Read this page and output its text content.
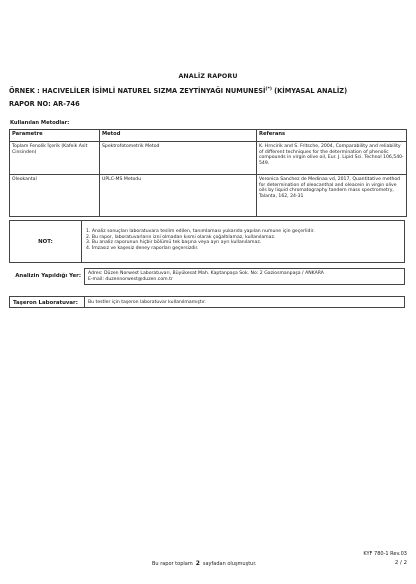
ANALİZ RAPORU
ÖRNEK : HACIVELİLER İSİMLİ NATUREL SIZMA ZEYTİNYAĞI NUMUNESİ(*) (KİMYASAL ANALİZ)
RAPOR NO: AR-746
Kullanılan Metodlar:
Parametre	Metod	Referans
Toplam Fenolik İçerik (Kafeik Asit Cinsinden)	Spektrofotometrik Metod	K. Hrncirik and S. Fritsche, 2004, Comparability and reliability of different techniques for the determination of phenolic compounds in virgin olive oil, Eur. J. Lipid Sci. Technol 106,540-549.
Oleokantal	UPLC-MS Metodu	Veronica Sanchez de Medinaa vd, 2017, Quantitative method for determination of oleocanthal and oleacein in virgin olive oils by liquid chromatography tandem mass spectrometry, Talanta, 162, 24-31
NOT:
1. Analiz sonuçları laboratuvara teslim edilen, tanımlaması yukarıda yapılan numune için geçerlidir.
2. Bu rapor, laboratuvarların izni olmadan kısmi olarak çoğaltılamaz, kullanılamaz.
3. Bu analiz raporunun hiçbir bölümü tek başına veya ayrı ayrı kullanılamaz.
4. İmzasız ve kaşesiz deney raporları geçersizdir.
Analizin Yapıldığı Yer: Adres: Düzen Norwest Laboratuvarı, Büyükesat Mah. Kaptanpaşa Sok. No: 2 Gaziosmanpaşa / ANKARA
E-mail: duzennorwest@duzen.com.tr
Taşeron Laboratuvar: Bu testler için taşeron laboratuvar kullanılmamıştır.
KYF 780-1 Rev.03
Bu rapor toplam 2 sayfadan oluşmuştur.	2 / 2
